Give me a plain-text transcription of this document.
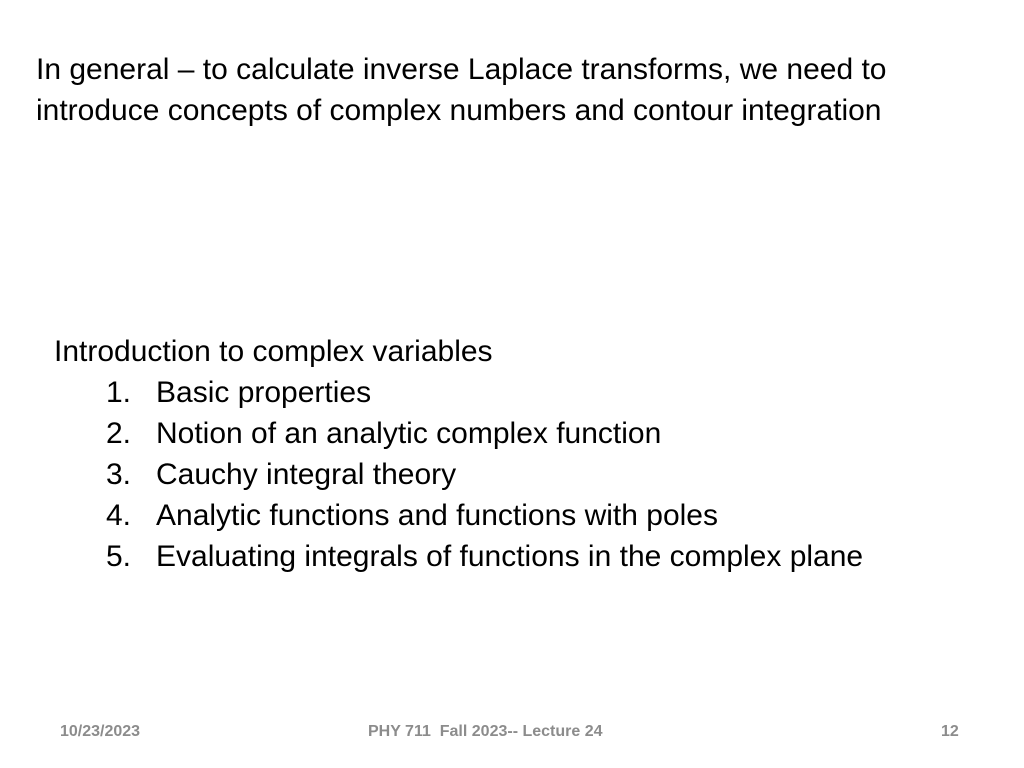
In general – to calculate inverse Laplace transforms, we need to introduce concepts of complex numbers and contour integration

Introduction to complex variables

1. Basic properties
2. Notion of an analytic complex function
3. Cauchy integral theory
4. Analytic functions and functions with poles
5. Evaluating integrals of functions in the complex plane
10/23/2023	PHY 711  Fall 2023-- Lecture 24	12
